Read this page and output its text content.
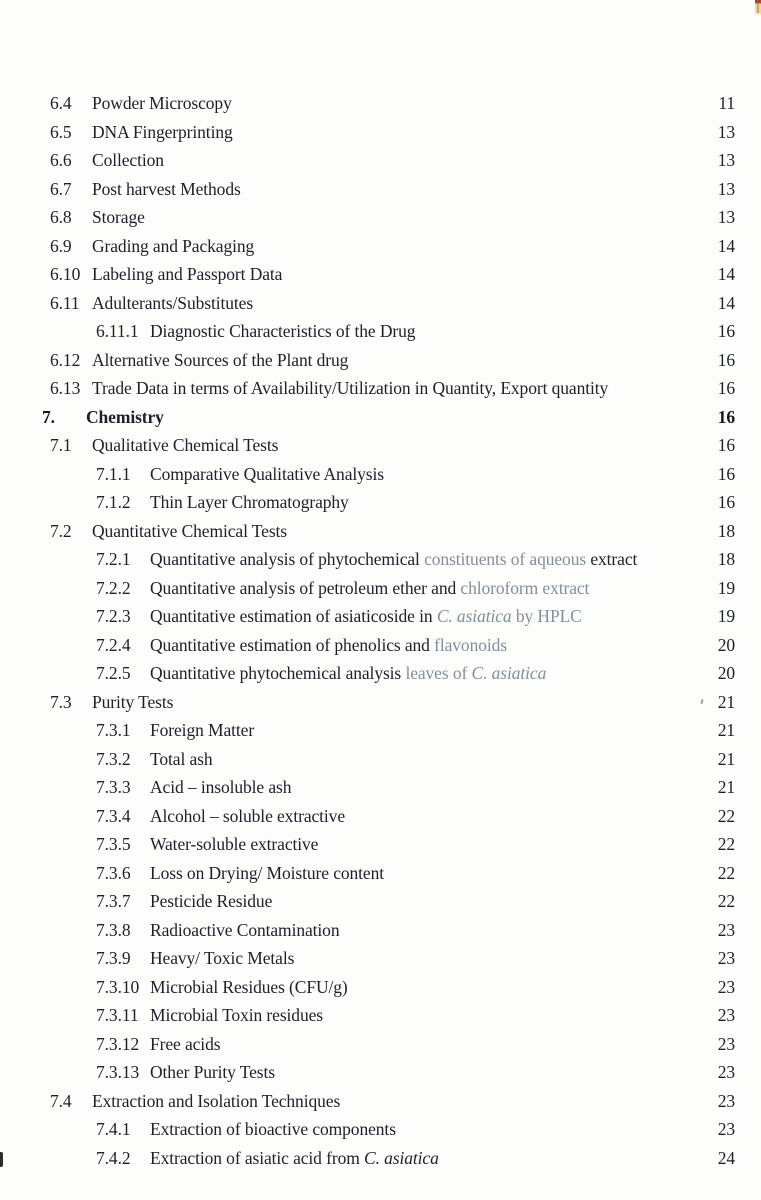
6.4	Powder Microscopy	11
6.5	DNA Fingerprinting	13
6.6	Collection	13
6.7	Post harvest Methods	13
6.8	Storage	13
6.9	Grading and Packaging	14
6.10 Labeling and Passport Data	14
6.11 Adulterants/Substitutes	14
6.11.1 Diagnostic Characteristics of the Drug	16
6.12 Alternative Sources of the Plant drug	16
6.13 Trade Data in terms of Availability/Utilization in Quantity, Export quantity	16
7.	Chemistry	16
7.1	Qualitative Chemical Tests	16
7.1.1	Comparative Qualitative Analysis	16
7.1.2	Thin Layer Chromatography	16
7.2	Quantitative Chemical Tests	18
7.2.1	Quantitative analysis of phytochemical constituents of aqueous extract	18
7.2.2	Quantitative analysis of petroleum ether and chloroform extract	19
7.2.3	Quantitative estimation of asiaticoside in C. asiatica by HPLC	19
7.2.4	Quantitative estimation of phenolics and flavonoids	20
7.2.5	Quantitative phytochemical analysis leaves of C. asiatica	20
7.3	Purity Tests	21
7.3.1	Foreign Matter	21
7.3.2	Total ash	21
7.3.3	Acid – insoluble ash	21
7.3.4	Alcohol – soluble extractive	22
7.3.5	Water-soluble extractive	22
7.3.6	Loss on Drying/ Moisture content	22
7.3.7	Pesticide Residue	22
7.3.8	Radioactive Contamination	23
7.3.9	Heavy/ Toxic Metals	23
7.3.10 Microbial Residues (CFU/g)	23
7.3.11 Microbial Toxin residues	23
7.3.12 Free acids	23
7.3.13 Other Purity Tests	23
7.4	Extraction and Isolation Techniques	23
7.4.1	Extraction of bioactive components	23
7.4.2	Extraction of asiatic acid from C. asiatica	24
